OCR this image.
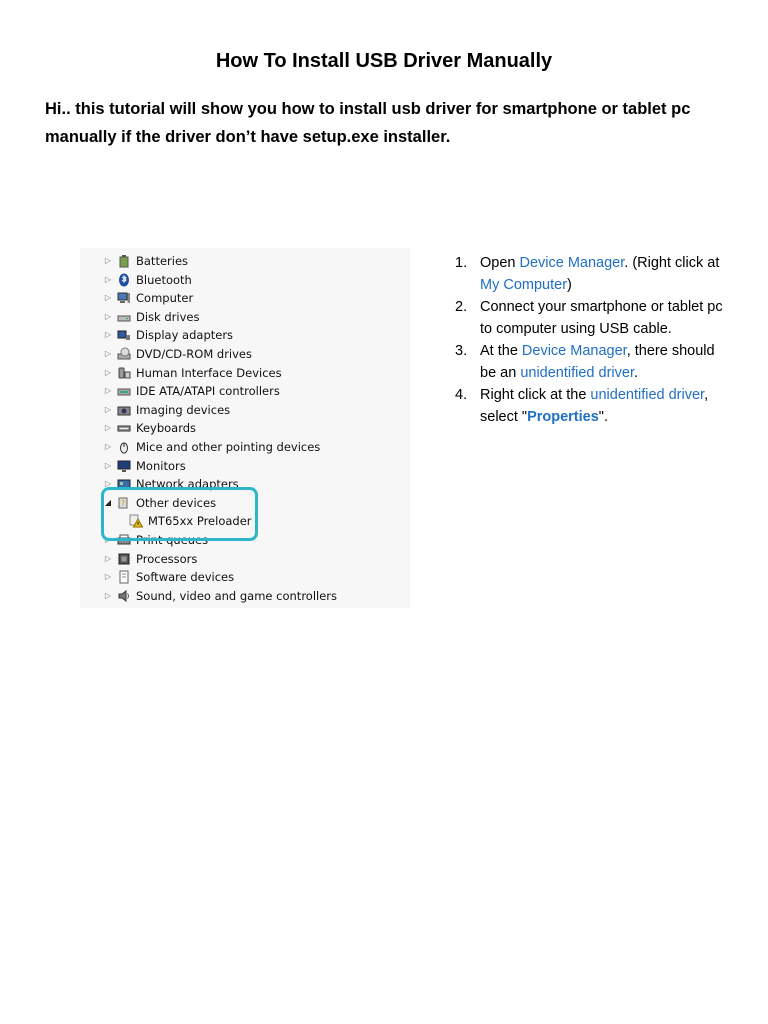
How To Install USB Driver Manually
Hi.. this tutorial will show you how to install usb driver for smartphone or tablet pc manually if the driver don’t have setup.exe installer.
▷ Batteries
▷ Bluetooth
▷ Computer
▷ Disk drives
▷ Display adapters
▷ DVD/CD-ROM drives
▷ Human Interface Devices
▷ IDE ATA/ATAPI controllers
▷ Imaging devices
▷ Keyboards
▷ Mice and other pointing devices
▷ Monitors
▷ Network adapters
◢	? Other devices
MT65xx Preloader
▷ Print queues
▷ Processors
▷ Software devices
▷ Sound, video and game controllers
1. Open Device Manager. (Right click at My Computer)
2. Connect your smartphone or tablet pc to computer using USB cable.
3. At the Device Manager, there should be an unidentified driver.
4. Right click at the unidentified driver, select "Properties".
